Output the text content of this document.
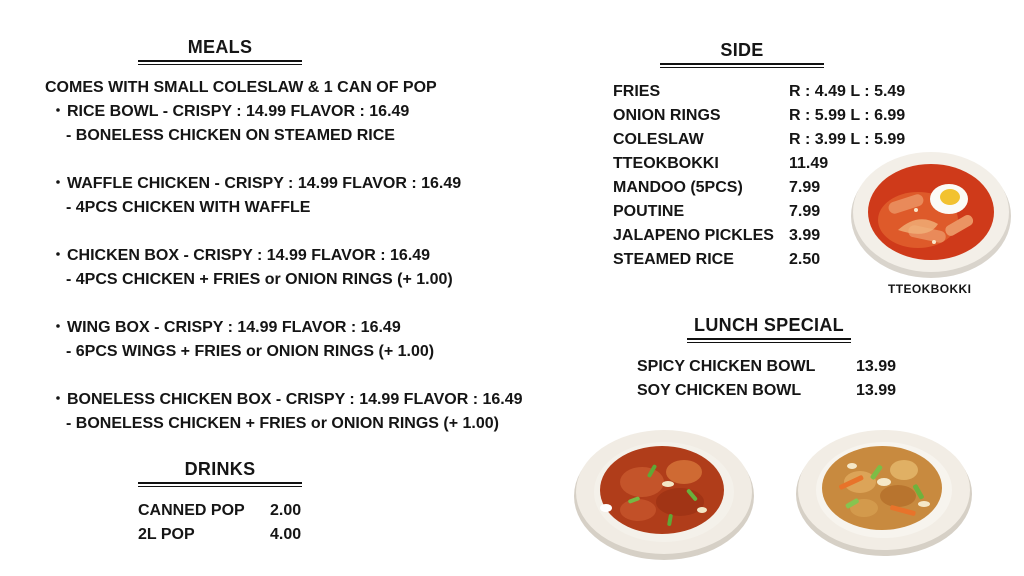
MEALS
COMES WITH SMALL COLESLAW & 1 CAN OF POP
・ RICE BOWL - CRISPY : 14.99 FLAVOR : 16.49
- BONELESS CHICKEN ON STEAMED RICE
・ WAFFLE CHICKEN - CRISPY : 14.99 FLAVOR : 16.49
- 4PCS CHICKEN WITH WAFFLE
・ CHICKEN BOX - CRISPY : 14.99 FLAVOR : 16.49
- 4PCS CHICKEN + FRIES or ONION RINGS (+ 1.00)
・ WING BOX - CRISPY : 14.99 FLAVOR : 16.49
- 6PCS WINGS + FRIES or ONION RINGS (+ 1.00)
・ BONELESS CHICKEN BOX - CRISPY : 14.99 FLAVOR : 16.49
- BONELESS CHICKEN + FRIES or ONION RINGS (+ 1.00)
DRINKS
CANNED POP 2.00
2L POP	4.00
SIDE
FRIES	R : 4.49 L : 5.49
ONION RINGS	R : 5.99 L : 6.99
COLESLAW	R : 3.99 L : 5.99
TTEOKBOKKI	11.49
MANDOO (5PCS)	7.99
POUTINE	7.99
JALAPENO PICKLES 3.99
STEAMED RICE	2.50
TTEOKBOKKI
LUNCH SPECIAL
SPICY CHICKEN BOWL	13.99
SOY CHICKEN BOWL	13.99
